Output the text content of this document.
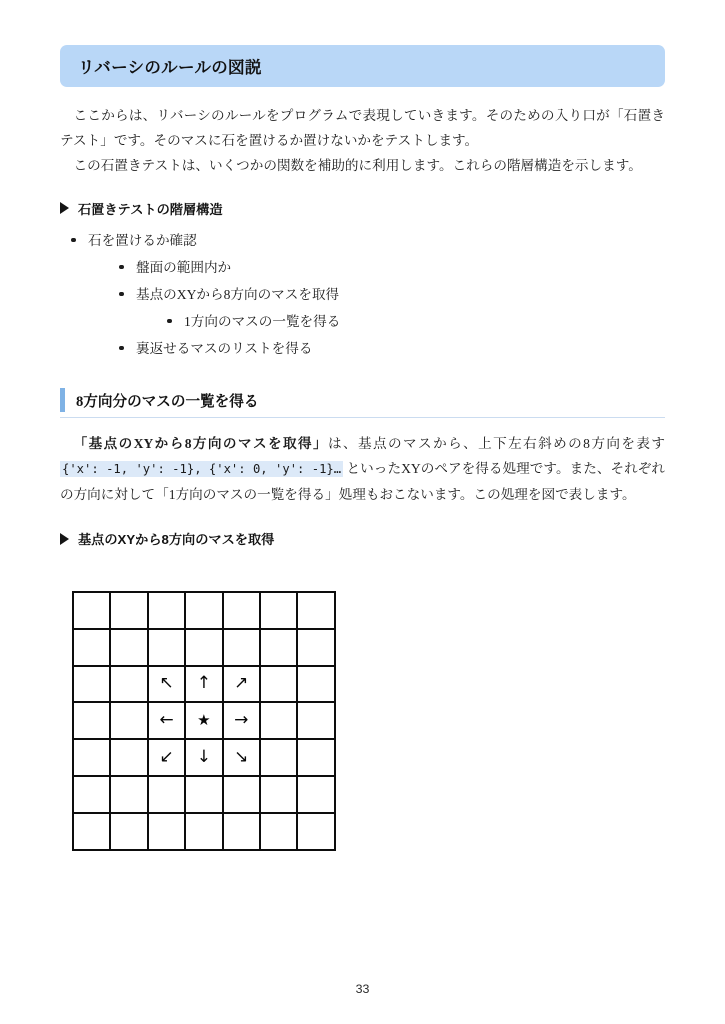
リバーシのルールの図説

ここからは、リバーシのルールをプログラムで表現していきます。そのための入り口が「石置きテスト」です。そのマスに石を置けるか置けないかをテストします。

この石置きテストは、いくつかの関数を補助的に利用します。これらの階層構造を示します。

石置きテストの階層構造
石を置けるか確認
盤面の範囲内か
基点のXYから8方向のマスを取得
1方向のマスの一覧を得る
裏返せるマスのリストを得る
8方向分のマスの一覧を得る

「基点のXYから8方向のマスを取得」は、基点のマスから、上下左右斜めの8方向を表す {'x': -1, 'y': -1}, {'x': 0, 'y': -1}… といったXYのペアを得る処理です。また、それぞれの方向に対して「1方向のマスの一覧を得る」処理もおこないます。この処理を図で表します。

基点のXYから8方向のマスを取得

		↖	↑	↗		
		←	★	→		
		↙	↓	↘		

33
